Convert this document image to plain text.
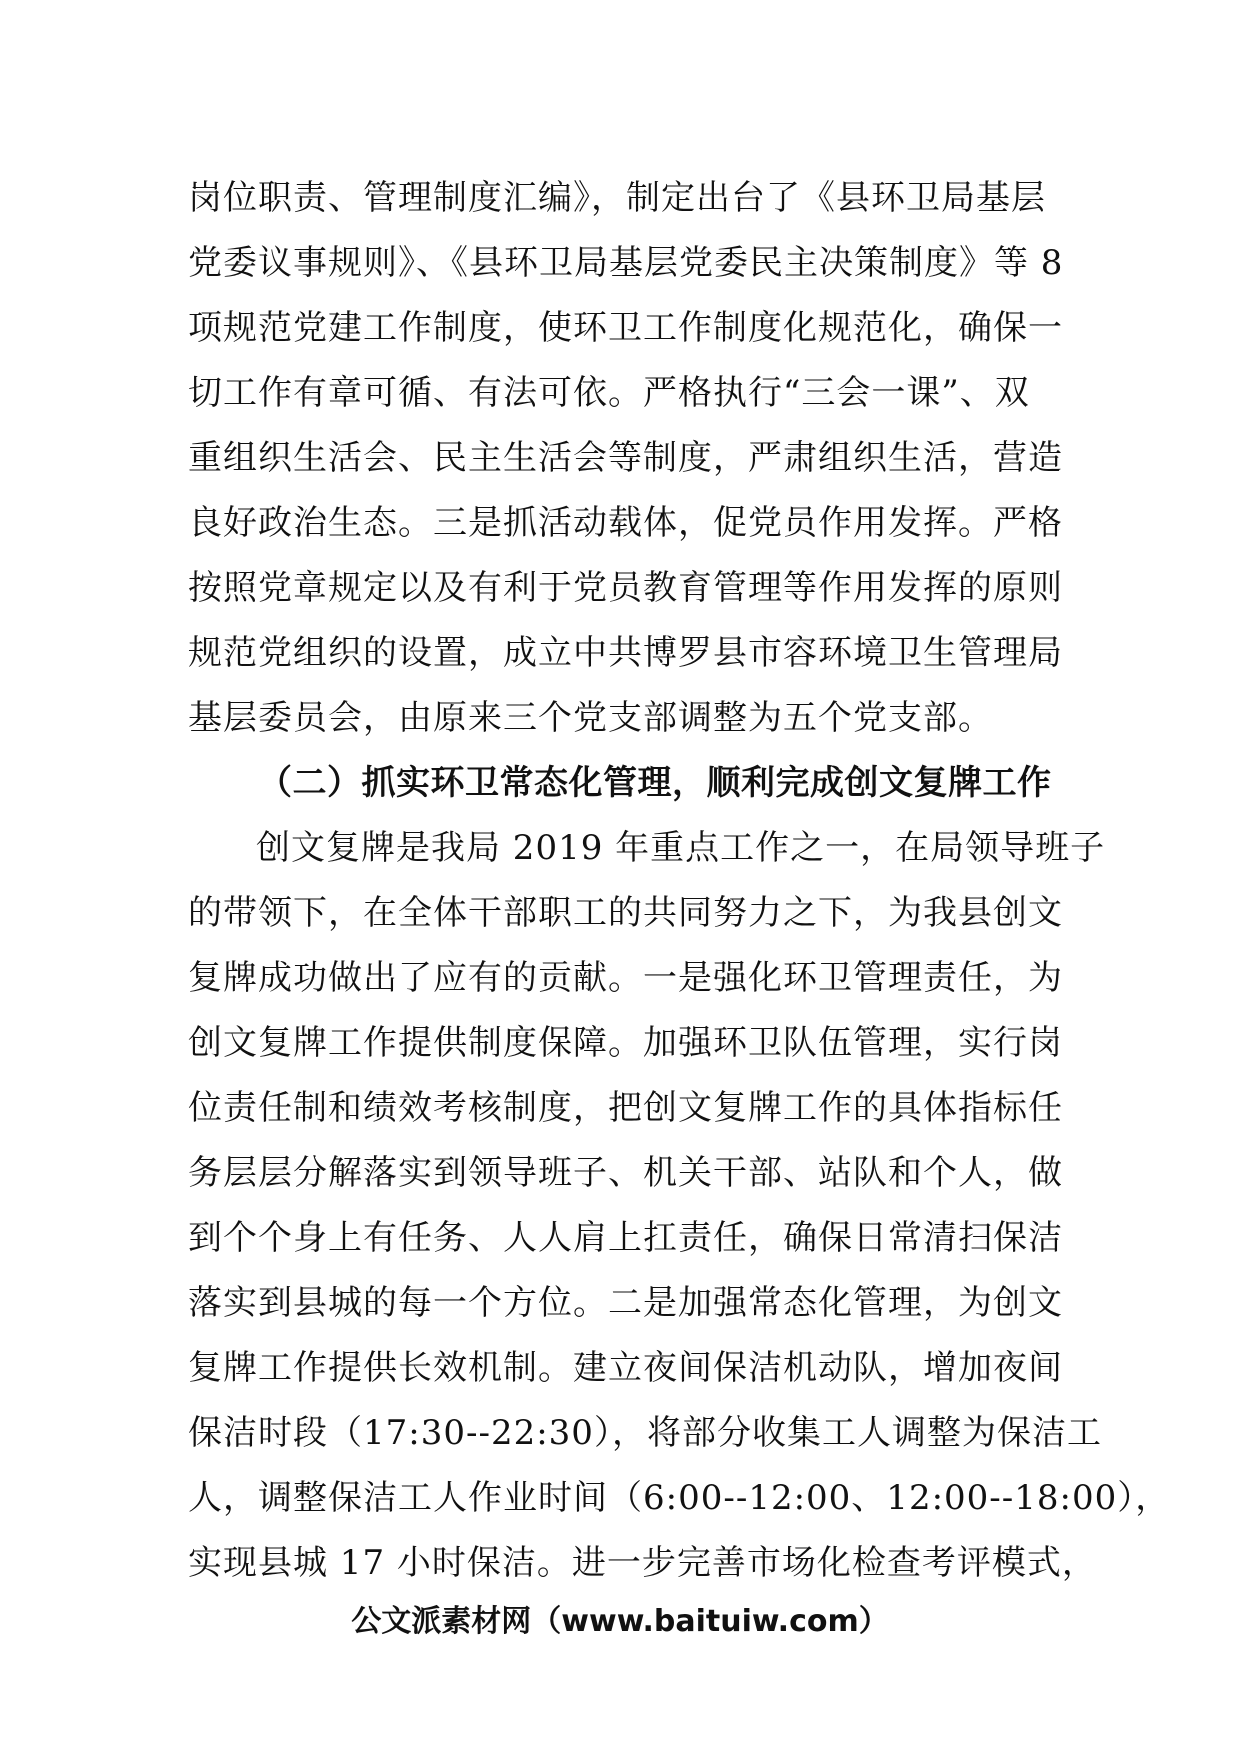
岗位职责、管理制度汇编》，制定出台了《县环卫局基层
党委议事规则》、《县环卫局基层党委民主决策制度》等 8
项规范党建工作制度，使环卫工作制度化规范化，确保一
切工作有章可循、有法可依。严格执行“三会一课”、双
重组织生活会、民主生活会等制度，严肃组织生活，营造
良好政治生态。三是抓活动载体，促党员作用发挥。严格
按照党章规定以及有利于党员教育管理等作用发挥的原则
规范党组织的设置，成立中共博罗县市容环境卫生管理局
基层委员会，由原来三个党支部调整为五个党支部。
（二）抓实环卫常态化管理，顺利完成创文复牌工作
创文复牌是我局 2019 年重点工作之一，在局领导班子
的带领下，在全体干部职工的共同努力之下，为我县创文
复牌成功做出了应有的贡献。一是强化环卫管理责任，为
创文复牌工作提供制度保障。加强环卫队伍管理，实行岗
位责任制和绩效考核制度，把创文复牌工作的具体指标任
务层层分解落实到领导班子、机关干部、站队和个人，做
到个个身上有任务、人人肩上扛责任，确保日常清扫保洁
落实到县城的每一个方位。二是加强常态化管理，为创文
复牌工作提供长效机制。建立夜间保洁机动队，增加夜间
保洁时段（17:30--22:30），将部分收集工人调整为保洁工
人，调整保洁工人作业时间（6:00--12:00、12:00--18:00），
实现县城 17 小时保洁。进一步完善市场化检查考评模式，
公文派素材网（www.baituiw.com）
